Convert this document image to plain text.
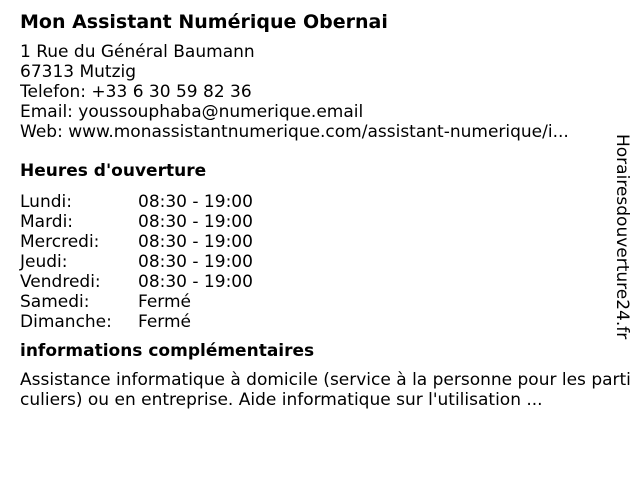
Mon Assistant Numérique Obernai
1 Rue du Général Baumann
67313 Mutzig
Telefon: +33 6 30 59 82 36
Email: youssouphaba@numerique.email
Web: www.monassistantnumerique.com/assistant-numerique/i...
Heures d'ouverture
Lundi:	08:30 - 19:00
Mardi:	08:30 - 19:00
Mercredi:	08:30 - 19:00
Jeudi:	08:30 - 19:00
Vendredi:	08:30 - 19:00
Samedi:	Fermé
Dimanche:	Fermé
informations complémentaires
Assistance informatique à domicile (service à la personne pour les particuliers) ou en entreprise. Aide informatique sur l'utilisation ...
Horairesdouverture24.fr
